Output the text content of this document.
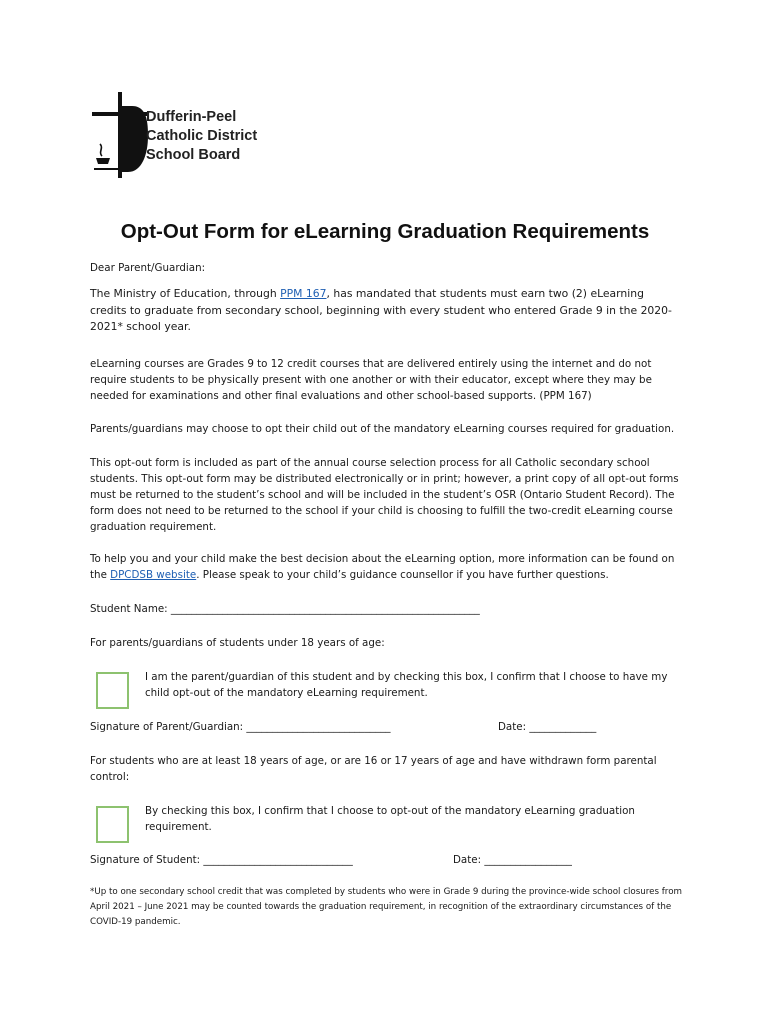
Dufferin-Peel
Catholic District
School Board
Opt-Out Form for eLearning Graduation Requirements
Dear Parent/Guardian:
The Ministry of Education, through PPM 167, has mandated that students must earn two (2) eLearning credits to graduate from secondary school, beginning with every student who entered Grade 9 in the 2020-2021* school year.
eLearning courses are Grades 9 to 12 credit courses that are delivered entirely using the internet and do not require students to be physically present with one another or with their educator, except where they may be needed for examinations and other final evaluations and other school-based supports. (PPM 167)
Parents/guardians may choose to opt their child out of the mandatory eLearning courses required for graduation.
This opt-out form is included as part of the annual course selection process for all Catholic secondary school students. This opt-out form may be distributed electronically or in print; however, a print copy of all opt-out forms must be returned to the student’s school and will be included in the student’s OSR (Ontario Student Record). The form does not need to be returned to the school if your child is choosing to fulfill the two-credit eLearning course graduation requirement.
To help you and your child make the best decision about the eLearning option, more information can be found on the DPCDSB website. Please speak to your child’s guidance counsellor if you have further questions.
Student Name: ____________________________________________________________
For parents/guardians of students under 18 years of age:
I am the parent/guardian of this student and by checking this box, I confirm that I choose to have my child opt-out of the mandatory eLearning requirement.
Signature of Parent/Guardian: ____________________________	Date: _____________
For students who are at least 18 years of age, or are 16 or 17 years of age and have withdrawn form parental control:
By checking this box, I confirm that I choose to opt-out of the mandatory eLearning graduation requirement.
Signature of Student: _____________________________	Date: _________________
*Up to one secondary school credit that was completed by students who were in Grade 9 during the province-wide school closures from April 2021 – June 2021 may be counted towards the graduation requirement, in recognition of the extraordinary circumstances of the COVID-19 pandemic.
